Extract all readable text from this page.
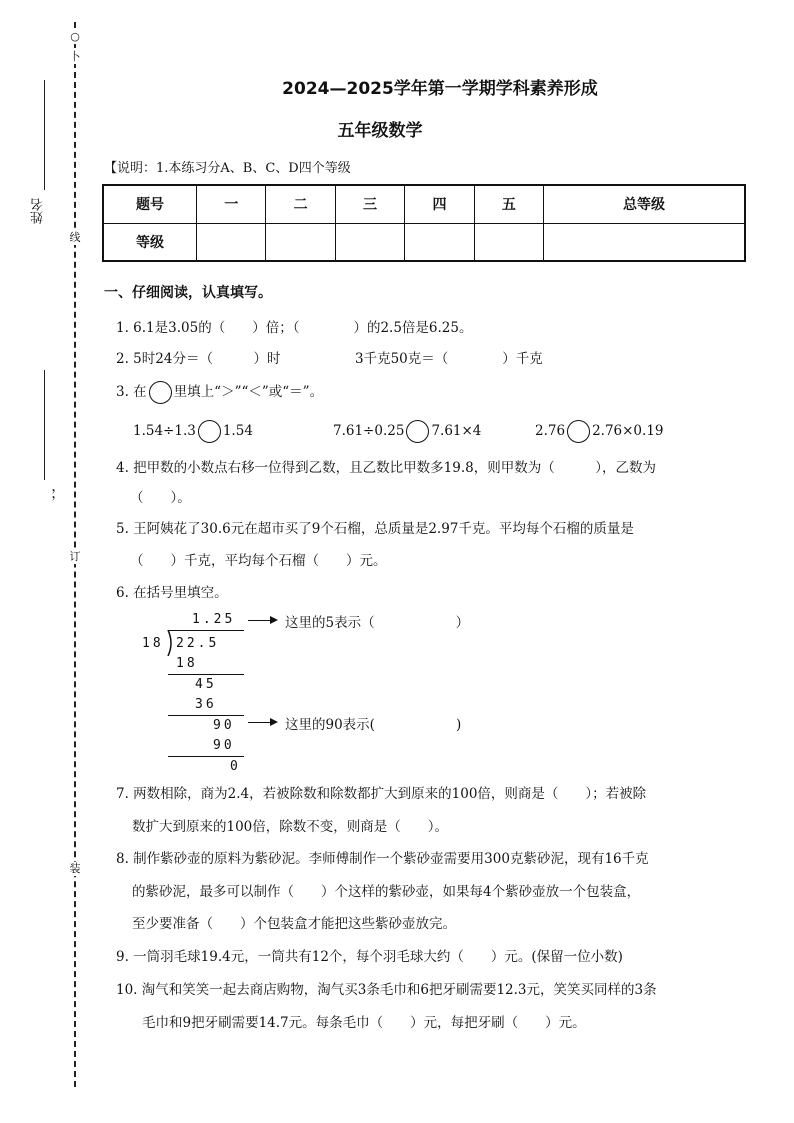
○
卜
线
订
装
姓名
，，
2024—2025学年第一学期学科素养形成
五年级数学
【说明：1.本练习分A、B、C、D四个等级
题号	一	二	三	四	五	总等级
等级						
一、仔细阅读，认真填写。
1. 6.1是3.05的（　　）倍；（　　　　）的2.5倍是6.25。
2. 5时24分＝（　　　）时	3千克50克＝（　　　　）千克
3. 在 里填上“＞”“＜”或“＝”。
1.54÷1.3 1.54	7.61÷0.25 7.61×4	2.76 2.76×0.19
4. 把甲数的小数点右移一位得到乙数，且乙数比甲数多19.8，则甲数为（　　　），乙数为
（　　）。
5. 王阿姨花了30.6元在超市买了9个石榴，总质量是2.97千克。平均每个石榴的质量是
（　　）千克，平均每个石榴（　　）元。
6. 在括号里填空。
1.25
18 22.5
18
45
36
90
90
0
这里的5表示（　　　　　　）
这里的90表示(　　　　　　)
7. 两数相除，商为2.4，若被除数和除数都扩大到原来的100倍，则商是（　　）；若被除
数扩大到原来的100倍，除数不变，则商是（　　）。
8. 制作紫砂壶的原料为紫砂泥。李师傅制作一个紫砂壶需要用300克紫砂泥，现有16千克
的紫砂泥，最多可以制作（　　）个这样的紫砂壶，如果每4个紫砂壶放一个包装盒，
至少要准备（　　）个包装盒才能把这些紫砂壶放完。
9. 一筒羽毛球19.4元，一筒共有12个，每个羽毛球大约（　　）元。(保留一位小数)
10. 淘气和笑笑一起去商店购物，淘气买3条毛巾和6把牙刷需要12.3元，笑笑买同样的3条
毛巾和9把牙刷需要14.7元。每条毛巾（　　）元，每把牙刷（　　）元。
